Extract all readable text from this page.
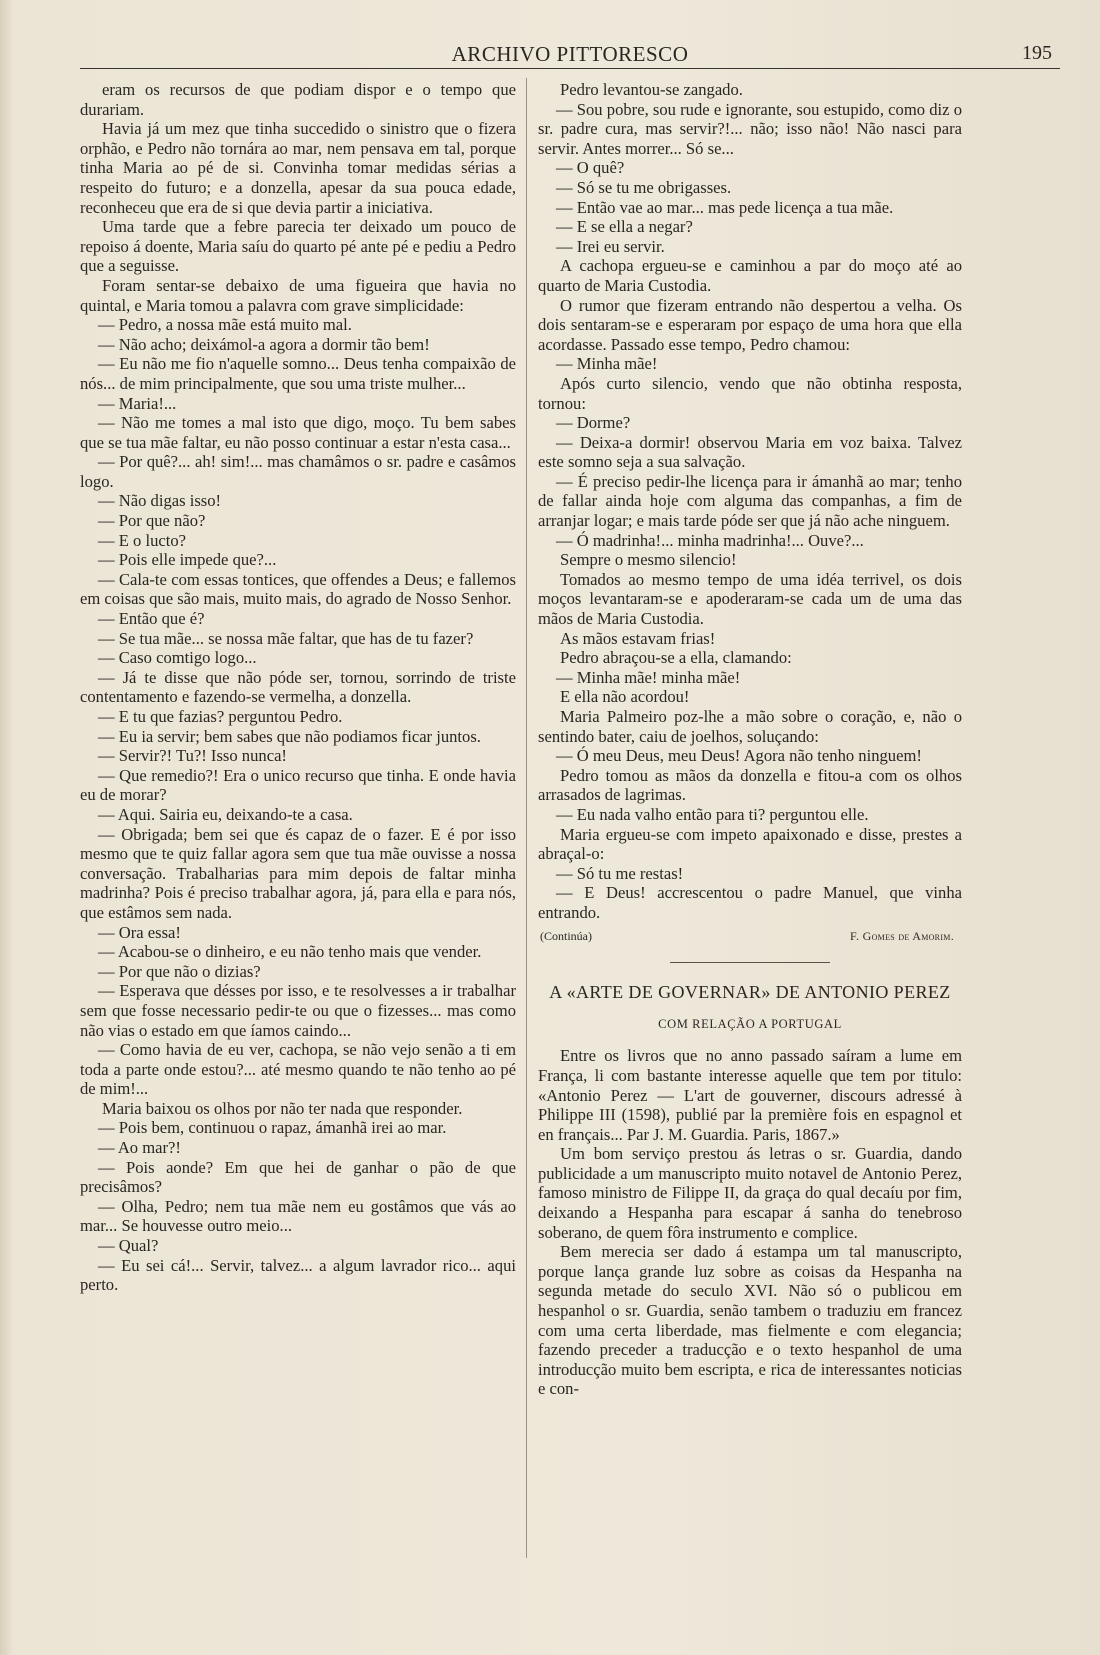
ARCHIVO PITTORESCO	195

eram os recursos de que podiam dispor e o tempo que durariam.

Havia já um mez que tinha succedido o sinistro que o fizera orphão, e Pedro não tornára ao mar, nem pensava em tal, porque tinha Maria ao pé de si. Convinha tomar medidas sérias a respeito do futuro; e a donzella, apesar da sua pouca edade, reconheceu que era de si que devia partir a iniciativa.

Uma tarde que a febre parecia ter deixado um pouco de repoiso á doente, Maria saíu do quarto pé ante pé e pediu a Pedro que a seguisse.

Foram sentar-se debaixo de uma figueira que havia no quintal, e Maria tomou a palavra com grave simplicidade:

— Pedro, a nossa mãe está muito mal.

— Não acho; deixámol-a agora a dormir tão bem!

— Eu não me fio n'aquelle somno... Deus tenha compaixão de nós... de mim principalmente, que sou uma triste mulher...

— Maria!...

— Não me tomes a mal isto que digo, moço. Tu bem sabes que se tua mãe faltar, eu não posso continuar a estar n'esta casa...

— Por quê?... ah! sim!... mas chamâmos o sr. padre e casâmos logo.

— Não digas isso!

— Por que não?

— E o lucto?

— Pois elle impede que?...

— Cala-te com essas tontices, que offendes a Deus; e fallemos em coisas que são mais, muito mais, do agrado de Nosso Senhor.

— Então que é?

— Se tua mãe... se nossa mãe faltar, que has de tu fazer?

— Caso comtigo logo...

— Já te disse que não póde ser, tornou, sorrindo de triste contentamento e fazendo-se vermelha, a donzella.

— E tu que fazias? perguntou Pedro.

— Eu ia servir; bem sabes que não podiamos ficar juntos.

— Servir?! Tu?! Isso nunca!

— Que remedio?! Era o unico recurso que tinha. E onde havia eu de morar?

— Aqui. Sairia eu, deixando-te a casa.

— Obrigada; bem sei que és capaz de o fazer. E é por isso mesmo que te quiz fallar agora sem que tua mãe ouvisse a nossa conversação. Trabalharias para mim depois de faltar minha madrinha? Pois é preciso trabalhar agora, já, para ella e para nós, que estâmos sem nada.

— Ora essa!

— Acabou-se o dinheiro, e eu não tenho mais que vender.

— Por que não o dizias?

— Esperava que désses por isso, e te resolvesses a ir trabalhar sem que fosse necessario pedir-te ou que o fizesses... mas como não vias o estado em que íamos caindo...

— Como havia de eu ver, cachopa, se não vejo senão a ti em toda a parte onde estou?... até mesmo quando te não tenho ao pé de mim!...

Maria baixou os olhos por não ter nada que responder.

— Pois bem, continuou o rapaz, ámanhã irei ao mar.

— Ao mar?!

— Pois aonde? Em que hei de ganhar o pão de que precisâmos?

— Olha, Pedro; nem tua mãe nem eu gostâmos que vás ao mar... Se houvesse outro meio...

— Qual?

— Eu sei cá!... Servir, talvez... a algum lavrador rico... aqui perto.

Pedro levantou-se zangado.

— Sou pobre, sou rude e ignorante, sou estupido, como diz o sr. padre cura, mas servir?!... não; isso não! Não nasci para servir. Antes morrer... Só se...

— O quê?

— Só se tu me obrigasses.

— Então vae ao mar... mas pede licença a tua mãe.

— E se ella a negar?

— Irei eu servir.

A cachopa ergueu-se e caminhou a par do moço até ao quarto de Maria Custodia.

O rumor que fizeram entrando não despertou a velha. Os dois sentaram-se e esperaram por espaço de uma hora que ella acordasse. Passado esse tempo, Pedro chamou:

— Minha mãe!

Após curto silencio, vendo que não obtinha resposta, tornou:

— Dorme?

— Deixa-a dormir! observou Maria em voz baixa. Talvez este somno seja a sua salvação.

— É preciso pedir-lhe licença para ir ámanhã ao mar; tenho de fallar ainda hoje com alguma das companhas, a fim de arranjar logar; e mais tarde póde ser que já não ache ninguem.

— Ó madrinha!... minha madrinha!... Ouve?...

Sempre o mesmo silencio!

Tomados ao mesmo tempo de uma idéa terrivel, os dois moços levantaram-se e apoderaram-se cada um de uma das mãos de Maria Custodia.

As mãos estavam frias!

Pedro abraçou-se a ella, clamando:

— Minha mãe! minha mãe!

E ella não acordou!

Maria Palmeiro poz-lhe a mão sobre o coração, e, não o sentindo bater, caiu de joelhos, soluçando:

— Ó meu Deus, meu Deus! Agora não tenho ninguem!

Pedro tomou as mãos da donzella e fitou-a com os olhos arrasados de lagrimas.

— Eu nada valho então para ti? perguntou elle.

Maria ergueu-se com impeto apaixonado e disse, prestes a abraçal-o:

— Só tu me restas!

— E Deus! accrescentou o padre Manuel, que vinha entrando.

(Continúa)	F. Gomes de Amorim.
A «ARTE DE GOVERNAR» DE ANTONIO PEREZ
COM RELAÇÃO A PORTUGAL

Entre os livros que no anno passado saíram a lume em França, li com bastante interesse aquelle que tem por titulo: «Antonio Perez — L'art de gouverner, discours adressé à Philippe III (1598), publié par la première fois en espagnol et en français... Par J. M. Guardia. Paris, 1867.»

Um bom serviço prestou ás letras o sr. Guardia, dando publicidade a um manuscripto muito notavel de Antonio Perez, famoso ministro de Filippe II, da graça do qual decaíu por fim, deixando a Hespanha para escapar á sanha do tenebroso soberano, de quem fôra instrumento e complice.

Bem merecia ser dado á estampa um tal manuscripto, porque lança grande luz sobre as coisas da Hespanha na segunda metade do seculo XVI. Não só o publicou em hespanhol o sr. Guardia, senão tambem o traduziu em francez com uma certa liberdade, mas fielmente e com elegancia; fazendo preceder a traducção e o texto hespanhol de uma introducção muito bem escripta, e rica de interessantes noticias e con-
